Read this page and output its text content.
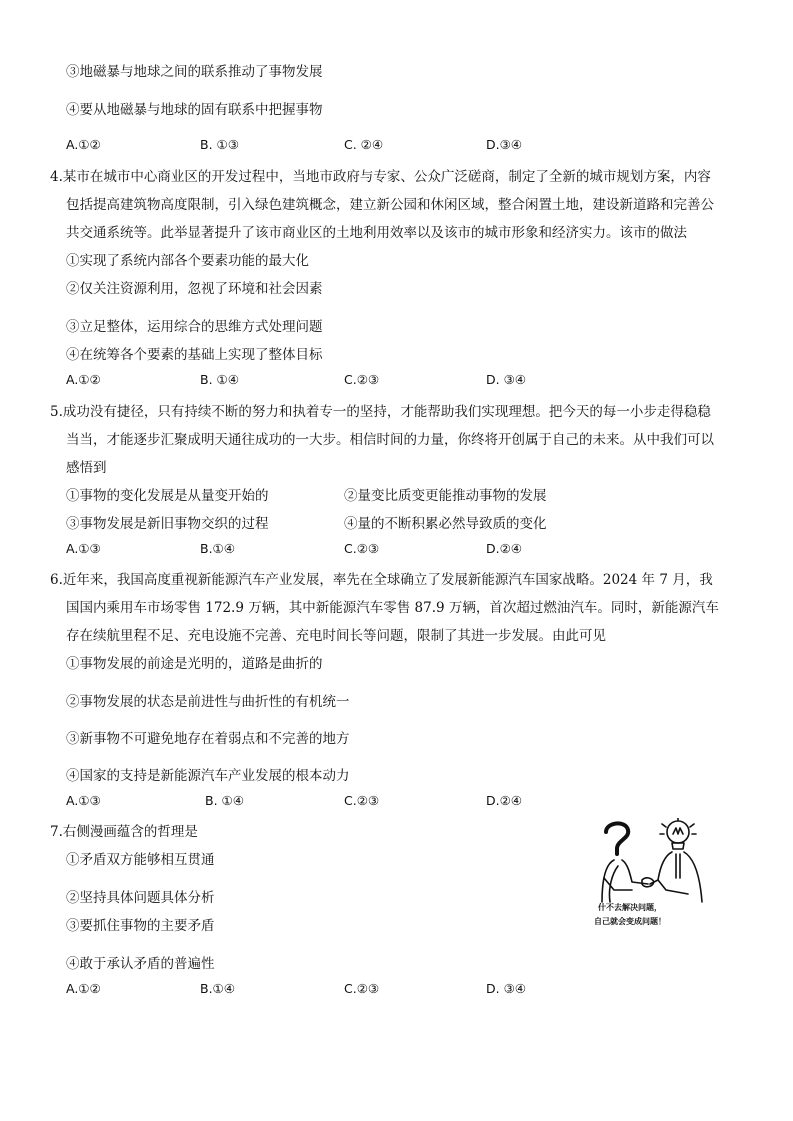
③地磁暴与地球之间的联系推动了事物发展
④要从地磁暴与地球的固有联系中把握事物
A.①②	B. ①③	C. ②④	D.③④
4.某市在城市中心商业区的开发过程中，当地市政府与专家、公众广泛磋商，制定了全新的城市规划方案，内容
包括提高建筑物高度限制，引入绿色建筑概念，建立新公园和休闲区域，整合闲置土地，建设新道路和完善公
共交通系统等。此举显著提升了该市商业区的土地利用效率以及该市的城市形象和经济实力。该市的做法
①实现了系统内部各个要素功能的最大化
②仅关注资源利用，忽视了环境和社会因素
③立足整体，运用综合的思维方式处理问题
④在统筹各个要素的基础上实现了整体目标
A.①②	B. ①④	C.②③	D. ③④
5.成功没有捷径，只有持续不断的努力和执着专一的坚持，才能帮助我们实现理想。把今天的每一小步走得稳稳
当当，才能逐步汇聚成明天通往成功的一大步。相信时间的力量，你终将开创属于自己的未来。从中我们可以
感悟到
①事物的变化发展是从量变开始的	②量变比质变更能推动事物的发展
③事物发展是新旧事物交织的过程	④量的不断积累必然导致质的变化
A.①③	B.①④	C.②③	D.②④
6.近年来，我国高度重视新能源汽车产业发展，率先在全球确立了发展新能源汽车国家战略。2024 年 7 月，我
国国内乘用车市场零售 172.9 万辆，其中新能源汽车零售 87.9 万辆，首次超过燃油汽车。同时，新能源汽车
存在续航里程不足、充电设施不完善、充电时间长等问题，限制了其进一步发展。由此可见
①事物发展的前途是光明的，道路是曲折的
②事物发展的状态是前进性与曲折性的有机统一
③新事物不可避免地存在着弱点和不完善的地方
④国家的支持是新能源汽车产业发展的根本动力
A.①③	B. ①④	C.②③	D.②④
7.右侧漫画蕴含的哲理是
①矛盾双方能够相互贯通
②坚持具体问题具体分析
③要抓住事物的主要矛盾
④敢于承认矛盾的普遍性
A.①②	B.①④	C.②③	D. ③④
什不去解决问题，
自己就会变成问题！
